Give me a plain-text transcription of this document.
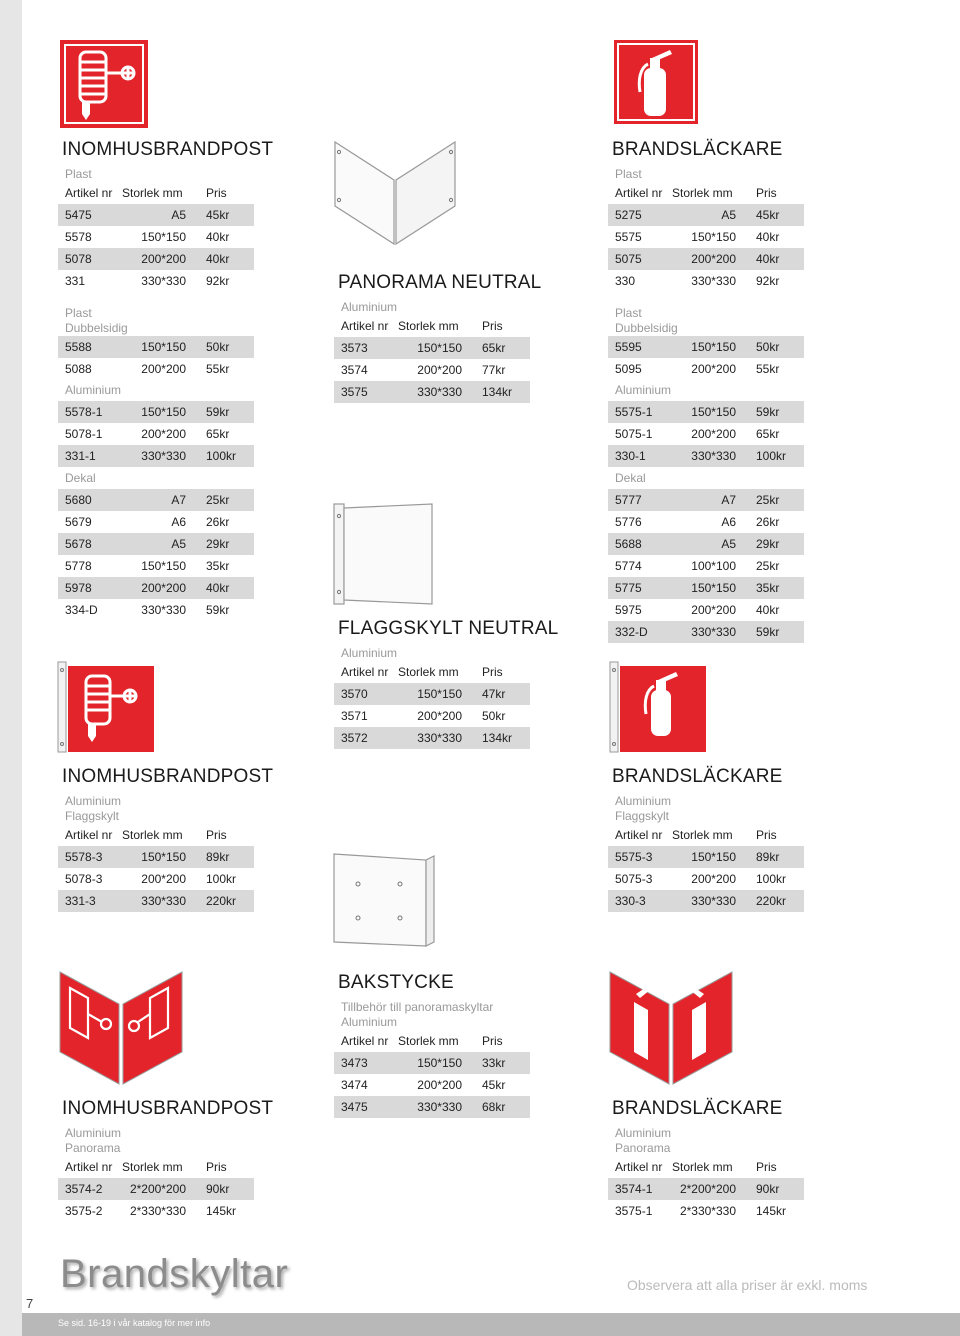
INOMHUSBRANDPOST
Plast
Artikel nr Storlek mm	Pris
5475	A5	45kr
5578	150*150	40kr
5078	200*200	40kr
331	330*330	92kr
Plast
Dubbelsidig
5588	150*150	50kr
5088	200*200	55kr
Aluminium
5578-1	150*150	59kr
5078-1	200*200	65kr
331-1	330*330	100kr
Dekal
5680	A7	25kr
5679	A6	26kr
5678	A5	29kr
5778	150*150	35kr
5978	200*200	40kr
334-D	330*330	59kr
BRANDSLÄCKARE
Plast
Artikel nr Storlek mm	Pris
5275	A5	45kr
5575	150*150	40kr
5075	200*200	40kr
330	330*330	92kr
Plast
Dubbelsidig
5595	150*150	50kr
5095	200*200	55kr
Aluminium
5575-1	150*150	59kr
5075-1	200*200	65kr
330-1	330*330	100kr
Dekal
5777	A7	25kr
5776	A6	26kr
5688	A5	29kr
5774	100*100	25kr
5775	150*150	35kr
5975	200*200	40kr
332-D	330*330	59kr
PANORAMA NEUTRAL
Aluminium
Artikel nr Storlek mm	Pris
3573	150*150	65kr
3574	200*200	77kr
3575	330*330	134kr
FLAGGSKYLT NEUTRAL
Aluminium
Artikel nr Storlek mm	Pris
3570	150*150	47kr
3571	200*200	50kr
3572	330*330	134kr
INOMHUSBRANDPOST
Aluminium
Flaggskylt
Artikel nr Storlek mm	Pris
5578-3	150*150	89kr
5078-3	200*200	100kr
331-3	330*330	220kr
BRANDSLÄCKARE
Aluminium
Flaggskylt
Artikel nr Storlek mm	Pris
5575-3	150*150	89kr
5075-3	200*200	100kr
330-3	330*330	220kr
BAKSTYCKE
Tillbehör till panoramaskyltar
Aluminium
Artikel nr Storlek mm	Pris
3473	150*150	33kr
3474	200*200	45kr
3475	330*330	68kr
INOMHUSBRANDPOST
Aluminium
Panorama
Artikel nr Storlek mm	Pris
3574-2	2*200*200	90kr
3575-2	2*330*330	145kr
BRANDSLÄCKARE
Aluminium
Panorama
Artikel nr Storlek mm	Pris
3574-1	2*200*200	90kr
3575-1	2*330*330	145kr
Brandskyltar	Observera att alla priser är exkl. moms
7
Se sid. 16-19 i vår katalog för mer info
